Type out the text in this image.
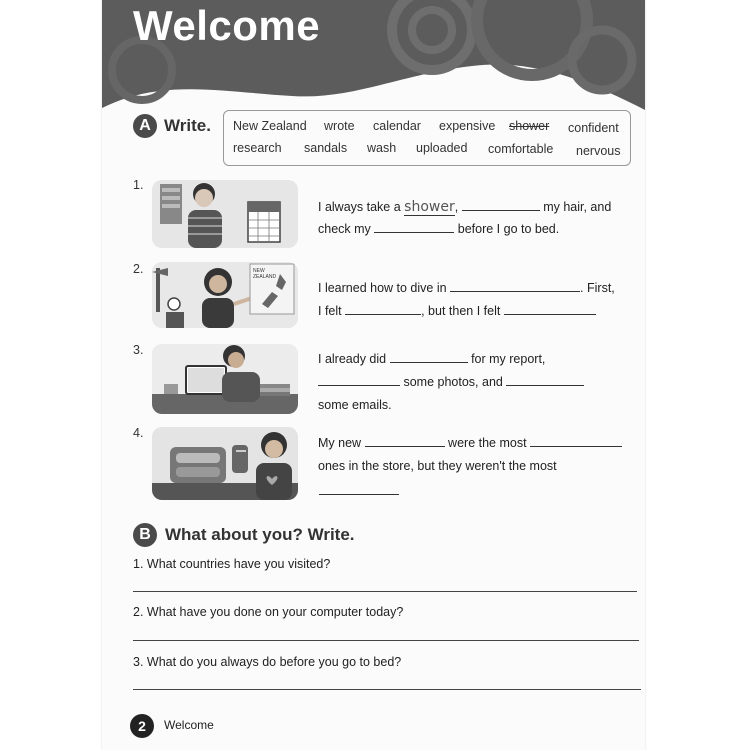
Welcome
A Write. New Zealand wrote calendar expensive shower confident
research sandals wash uploaded comfortable nervous
1.
I always take a shower,	my hair, and
check my	before I go to bed.
2.	NEW
ZEALAND
I learned how to dive in	. First,
I felt	, but then I felt
3.
I already did	for my report,
some photos, and
some emails.
4.
My new	were the most
ones in the store, but they weren't the most
B What about you? Write.
1. What countries have you visited?
2. What have you done on your computer today?
3. What do you always do before you go to bed?
2	Welcome
